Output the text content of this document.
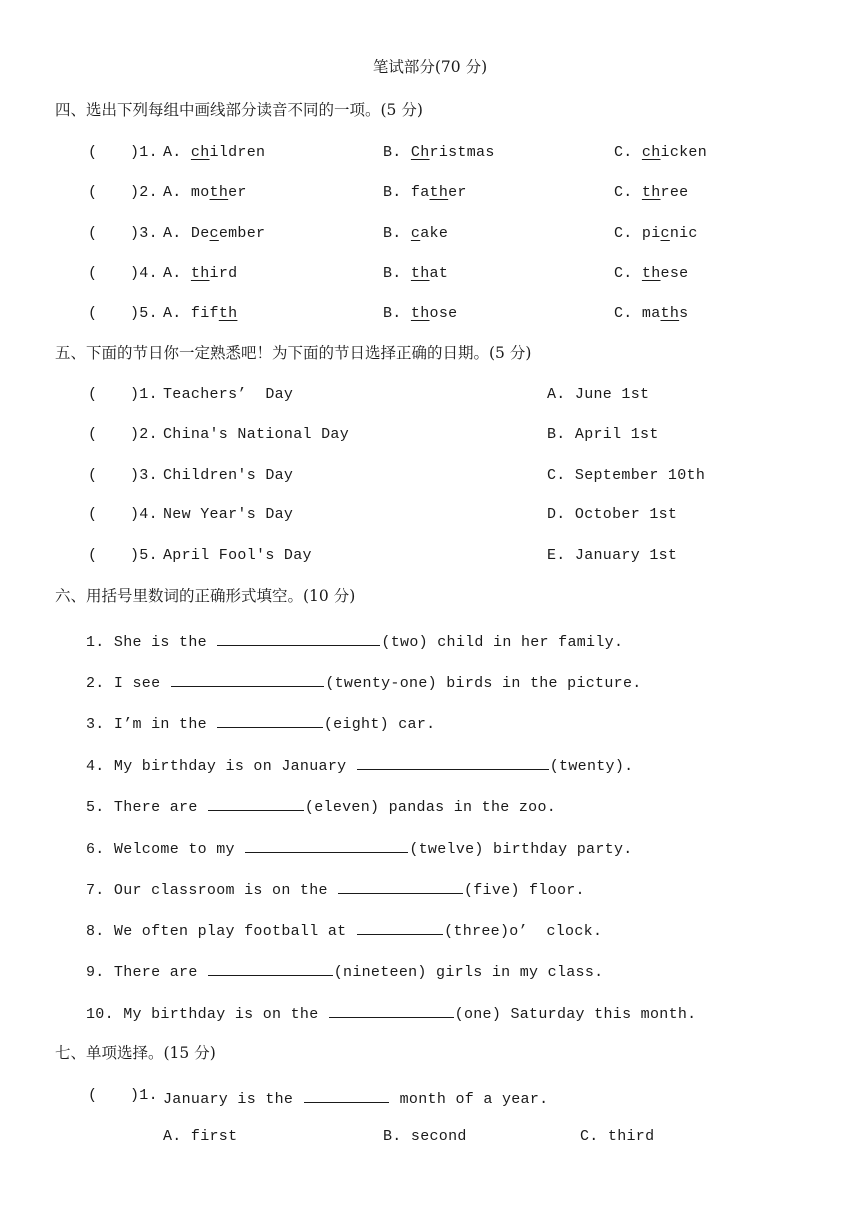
笔试部分(70 分)
四、选出下列每组中画线部分读音不同的一项。(5 分)
( )1. A. children	B. Christmas	C. chicken
( )2. A. mother	B. father	C. three
( )3. A. December	B. cake	C. picnic
( )4. A. third	B. that	C. these
( )5. A. fifth	B. those	C. maths
五、下面的节日你一定熟悉吧！为下面的节日选择正确的日期。(5 分)
( )1. Teachers’  Day	A. June 1st
( )2. China's National Day	B. April 1st
( )3. Children's Day	C. September 10th
( )4. New Year's Day	D. October 1st
( )5. April Fool's Day	E. January 1st
六、用括号里数词的正确形式填空。(10 分)
1. She is the	(two) child in her family.
2. I see	(twenty-one) birds in the picture.
3. I’m in the	(eight) car.
4. My birthday is on January	(twenty).
5. There are	(eleven) pandas in the zoo.
6. Welcome to my	(twelve) birthday party.
7. Our classroom is on the	(five) floor.
8. We often play football at	(three)o’  clock.
9. There are	(nineteen) girls in my class.
10. My birthday is on the	(one) Saturday this month.
七、单项选择。(15 分)
( )1. January is the	month of a year.
A. first	B. second	C. third
